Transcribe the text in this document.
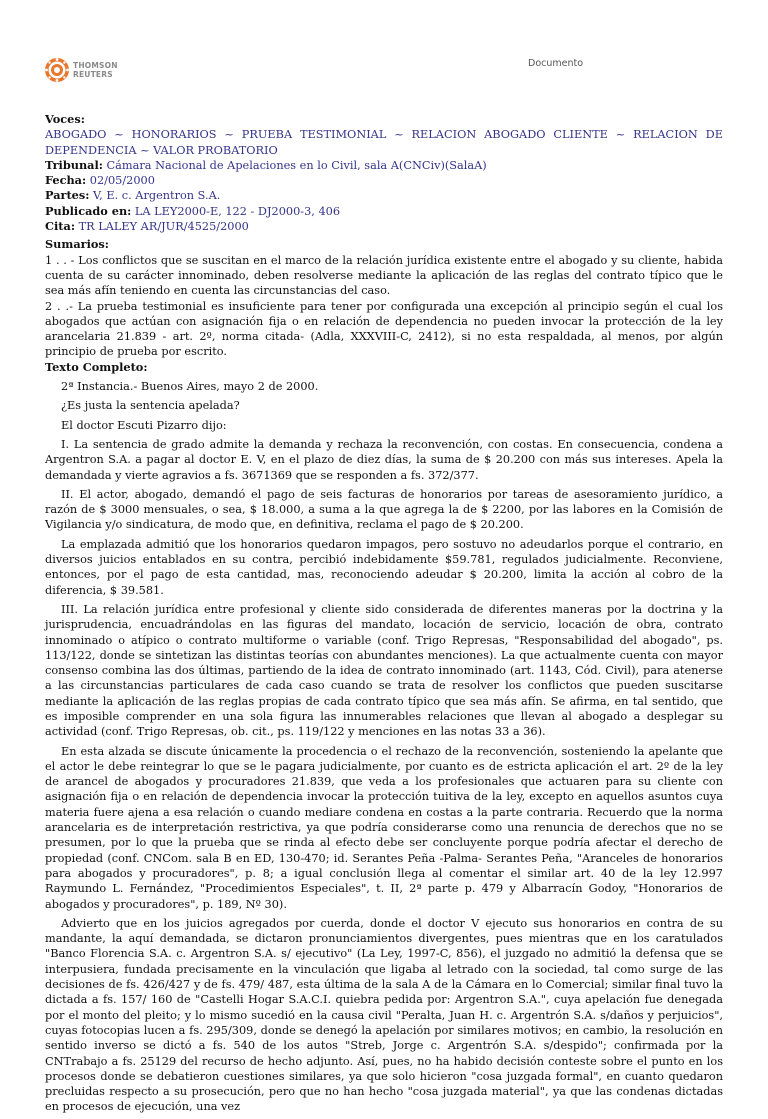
THOMSON
REUTERS
Documento
Voces:
ABOGADO ~ HONORARIOS ~ PRUEBA TESTIMONIAL ~ RELACION ABOGADO CLIENTE ~ RELACION DE DEPENDENCIA ~ VALOR PROBATORIO
Tribunal: Cámara Nacional de Apelaciones en lo Civil, sala A(CNCiv)(SalaA)
Fecha: 02/05/2000
Partes: V, E. c. Argentron S.A.
Publicado en: LA LEY2000-E, 122 - DJ2000-3, 406
Cita: TR LALEY AR/JUR/4525/2000
Sumarios:

1 . . - Los conflictos que se suscitan en el marco de la relación jurídica existente entre el abogado y su cliente, habida cuenta de su carácter innominado, deben resolverse mediante la aplicación de las reglas del contrato típico que le sea más afín teniendo en cuenta las circunstancias del caso.

2 . .- La prueba testimonial es insuficiente para tener por configurada una excepción al principio según el cual los abogados que actúan con asignación fija o en relación de dependencia no pueden invocar la protección de la ley arancelaria 21.839 - art. 2º, norma citada- (Adla, XXXVIII-C, 2412), si no esta respaldada, al menos, por algún principio de prueba por escrito.

Texto Completo:

2ª Instancia.- Buenos Aires, mayo 2 de 2000.

¿Es justa la sentencia apelada?

El doctor Escuti Pizarro dijo:

I. La sentencia de grado admite la demanda y rechaza la reconvención, con costas. En consecuencia, condena a Argentron S.A. a pagar al doctor E. V, en el plazo de diez días, la suma de $ 20.200 con más sus intereses. Apela la demandada y vierte agravios a fs. 3671369 que se responden a fs. 372/377.

II. El actor, abogado, demandó el pago de seis facturas de honorarios por tareas de asesoramiento jurídico, a razón de $ 3000 mensuales, o sea, $ 18.000, a suma a la que agrega la de $ 2200, por las labores en la Comisión de Vigilancia y/o sindicatura, de modo que, en definitiva, reclama el pago de $ 20.200.

La emplazada admitió que los honorarios quedaron impagos, pero sostuvo no adeudarlos porque el contrario, en diversos juicios entablados en su contra, percibió indebidamente $59.781, regulados judicialmente. Reconviene, entonces, por el pago de esta cantidad, mas, reconociendo adeudar $ 20.200, limita la acción al cobro de la diferencia, $ 39.581.

III. La relación jurídica entre profesional y cliente sido considerada de diferentes maneras por la doctrina y la jurisprudencia, encuadrándolas en las figuras del mandato, locación de servicio, locación de obra, contrato innominado o atípico o contrato multiforme o variable (conf. Trigo Represas, "Responsabilidad del abogado", ps. 113/122, donde se sintetizan las distintas teorías con abundantes menciones). La que actualmente cuenta con mayor consenso combina las dos últimas, partiendo de la idea de contrato innominado (art. 1143, Cód. Civil), para atenerse a las circunstancias particulares de cada caso cuando se trata de resolver los conflictos que pueden suscitarse mediante la aplicación de las reglas propias de cada contrato típico que sea más afín. Se afirma, en tal sentido, que es imposible comprender en una sola figura las innumerables relaciones que llevan al abogado a desplegar su actividad (conf. Trigo Represas, ob. cit., ps. 119/122 y menciones en las notas 33 a 36).

En esta alzada se discute únicamente la procedencia o el rechazo de la reconvención, sosteniendo la apelante que el actor le debe reintegrar lo que se le pagara judicialmente, por cuanto es de estricta aplicación el art. 2º de la ley de arancel de abogados y procuradores 21.839, que veda a los profesionales que actuaren para su cliente con asignación fija o en relación de dependencia invocar la protección tuitiva de la ley, excepto en aquellos asuntos cuya materia fuere ajena a esa relación o cuando mediare condena en costas a la parte contraria. Recuerdo que la norma arancelaria es de interpretación restrictiva, ya que podría considerarse como una renuncia de derechos que no se presumen, por lo que la prueba que se rinda al efecto debe ser concluyente porque podría afectar el derecho de propiedad (conf. CNCom. sala B en ED, 130-470; id. Serantes Peña -Palma- Serantes Peña, "Aranceles de honorarios para abogados y procuradores", p. 8; a igual conclusión llega al comentar el similar art. 40 de la ley 12.997 Raymundo L. Fernández, "Procedimientos Especiales", t. II, 2ª parte p. 479 y Albarracín Godoy, "Honorarios de abogados y procuradores", p. 189, Nº 30).

Advierto que en los juicios agregados por cuerda, donde el doctor V ejecuto sus honorarios en contra de su mandante, la aquí demandada, se dictaron pronunciamientos divergentes, pues mientras que en los caratulados "Banco Florencia S.A. c. Argentron S.A. s/ ejecutivo" (La Ley, 1997-C, 856), el juzgado no admitió la defensa que se interpusiera, fundada precisamente en la vinculación que ligaba al letrado con la sociedad, tal como surge de las decisiones de fs. 426/427 y de fs. 479/ 487, esta última de la sala A de la Cámara en lo Comercial; similar final tuvo la dictada a fs. 157/ 160 de "Castelli Hogar S.A.C.I. quiebra pedida por: Argentron S.A.", cuya apelación fue denegada por el monto del pleito; y lo mismo sucedió en la causa civil "Peralta, Juan H. c. Argentrón S.A. s/daños y perjuicios", cuyas fotocopias lucen a fs. 295/309, donde se denegó la apelación por similares motivos; en cambio, la resolución en sentido inverso se dictó a fs. 540 de los autos "Streb, Jorge c. Argentrón S.A. s/despido"; confirmada por la CNTrabajo a fs. 25129 del recurso de hecho adjunto. Así, pues, no ha habido decisión conteste sobre el punto en los procesos donde se debatieron cuestiones similares, ya que solo hicieron "cosa juzgada formal", en cuanto quedaron precluidas respecto a su prosecución, pero que no han hecho "cosa juzgada material", ya que las condenas dictadas en procesos de ejecución, una vez
